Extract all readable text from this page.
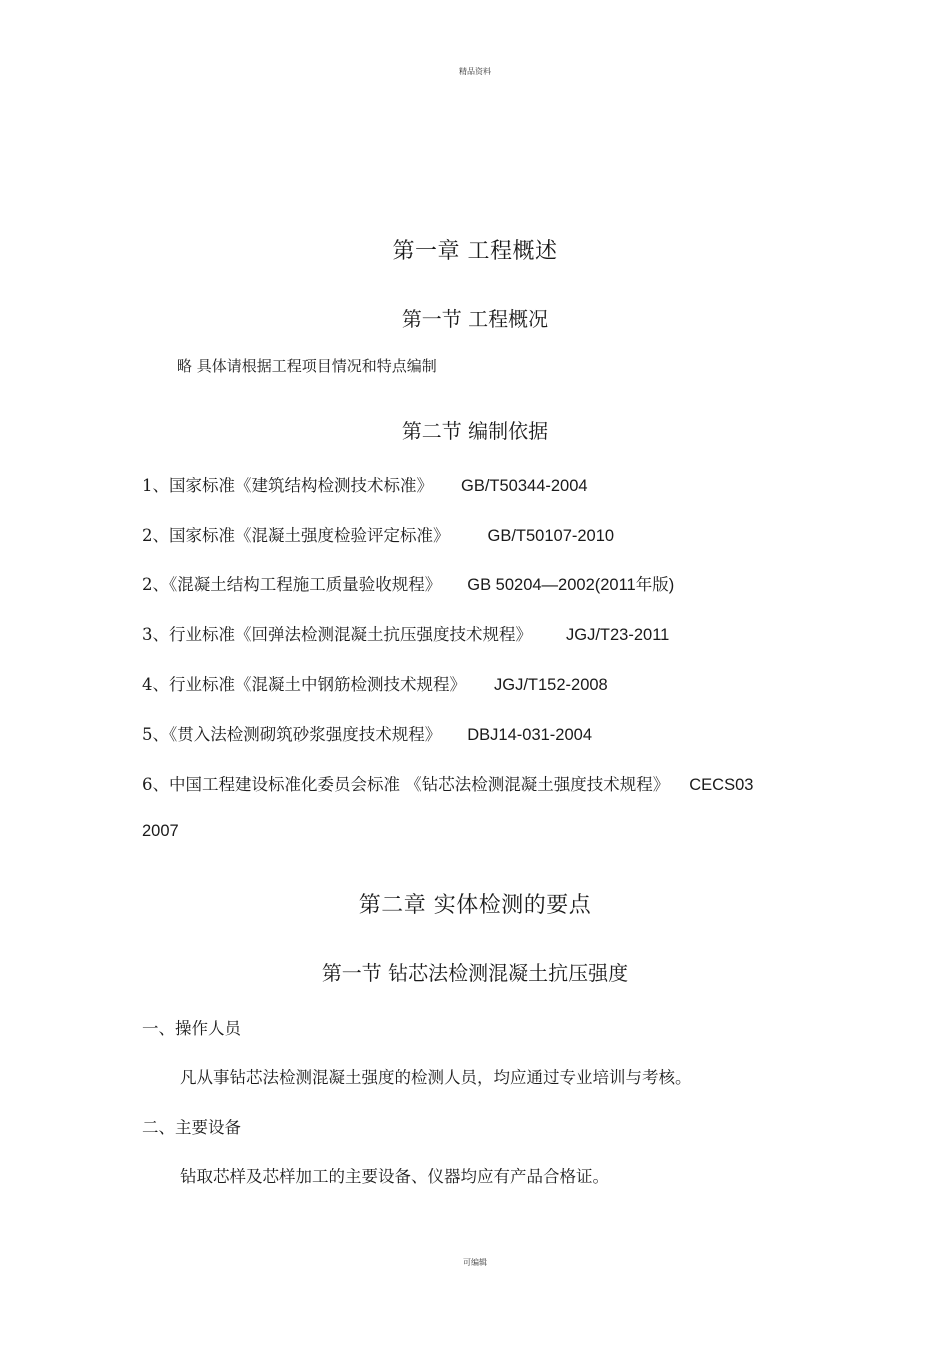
精品资料
第一章 工程概述
第一节 工程概况
略 具体请根据工程项目情况和特点编制
第二节 编制依据
1、国家标准《建筑结构检测技术标准》 GB/T50344-2004
2、国家标准《混凝土强度检验评定标准》 GB/T50107-2010
2、《混凝土结构工程施工质量验收规程》 GB 50204—2002(2011年版)
3、行业标准《回弹法检测混凝土抗压强度技术规程》 JGJ/T23-2011
4、行业标准《混凝土中钢筋检测技术规程》 JGJ/T152-2008
5、《贯入法检测砌筑砂浆强度技术规程》 DBJ14-031-2004
6、中国工程建设标准化委员会标准 《钻芯法检测混凝土强度技术规程》 CECS03
2007
第二章 实体检测的要点
第一节 钻芯法检测混凝土抗压强度
一、操作人员
凡从事钻芯法检测混凝土强度的检测人员，均应通过专业培训与考核。
二、主要设备
钻取芯样及芯样加工的主要设备、仪器均应有产品合格证。
可编辑
